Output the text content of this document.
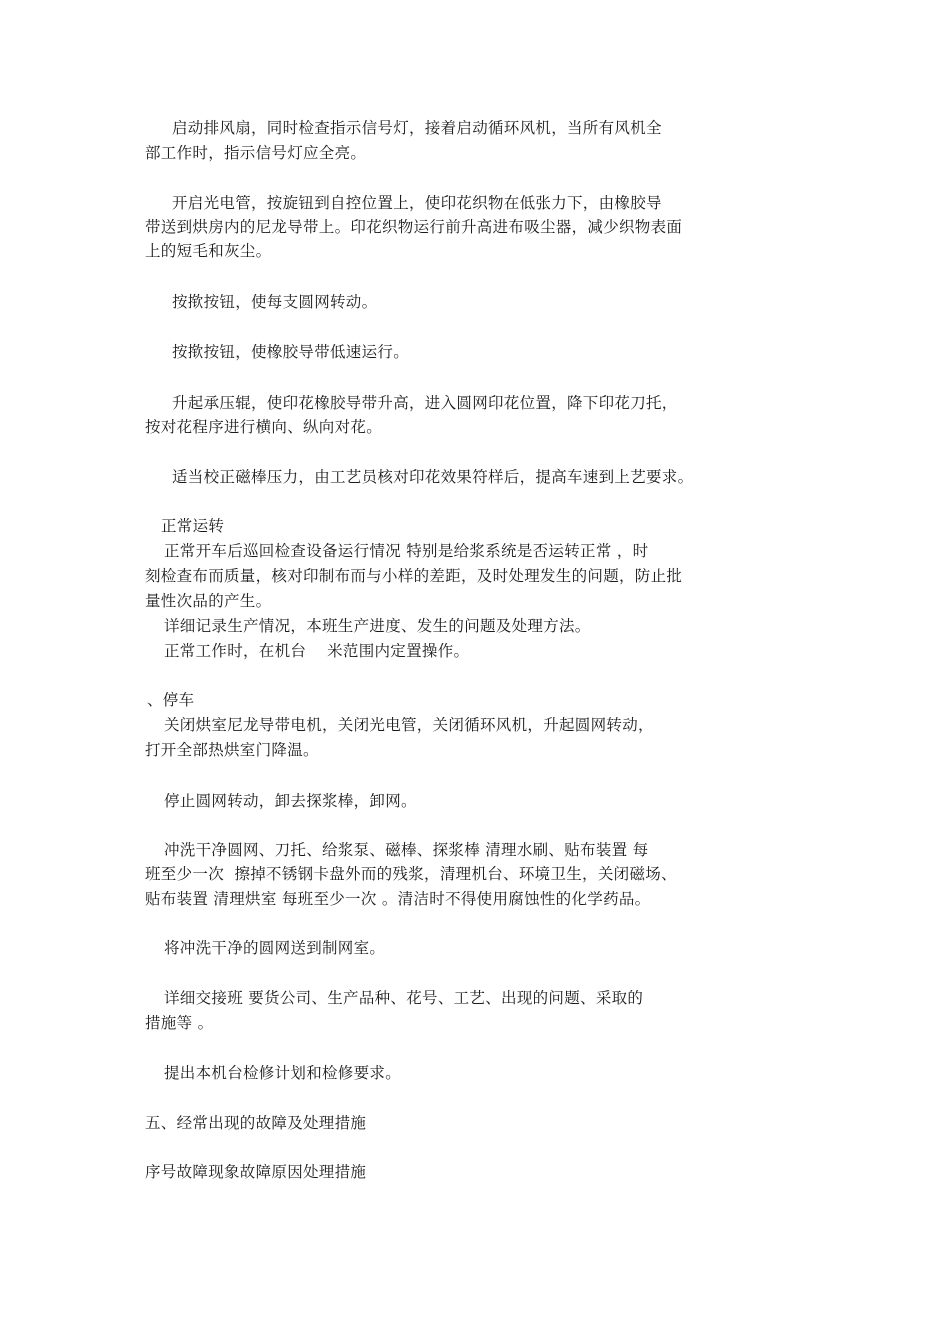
启动排风扇，同时检查指示信号灯，接着启动循环风机，当所有风机全
部工作时，指示信号灯应全亮。
开启光电管，按旋钮到自控位置上，使印花织物在低张力下，由橡胶导
带送到烘房内的尼龙导带上。印花织物运行前升高进布吸尘器，减少织物表面
上的短毛和灰尘。
按揿按钮，使每支圆网转动。
按揿按钮，使橡胶导带低速运行。
升起承压辊，使印花橡胶导带升高，进入圆网印花位置，降下印花刀托，
按对花程序进行横向、纵向对花。
适当校正磁棒压力，由工艺员核对印花效果符样后，提高车速到上艺要求。
正常运转
正常开车后巡回检查设备运行情况 特别是给浆系统是否运转正常 ，时
刻检查布而质量，核对印制布而与小样的差距，及时处理发生的问题，防止批
量性次品的产生。
详细记录生产情况，本班生产进度、发生的问题及处理方法。
正常工作时，在机台    米范围内定置操作。
、停车
关闭烘室尼龙导带电机，关闭光电管，关闭循环风机，升起圆网转动，
打开全部热烘室门降温。
停止圆网转动，卸去探浆棒，卸网。
冲洗干净圆网、刀托、给浆泵、磁棒、探浆棒 清理水刷、贴布装置 每
班至少一次  擦掉不锈钢卡盘外而的残浆，清理机台、环境卫生，关闭磁场、
贴布装置 清理烘室 每班至少一次 。清洁时不得使用腐蚀性的化学药品。
将冲洗干净的圆网送到制网室。
详细交接班 要货公司、生产品种、花号、工艺、出现的问题、采取的
措施等 。
提出本机台检修计划和检修要求。
五、经常出现的故障及处理措施
序号故障现象故障原因处理措施
